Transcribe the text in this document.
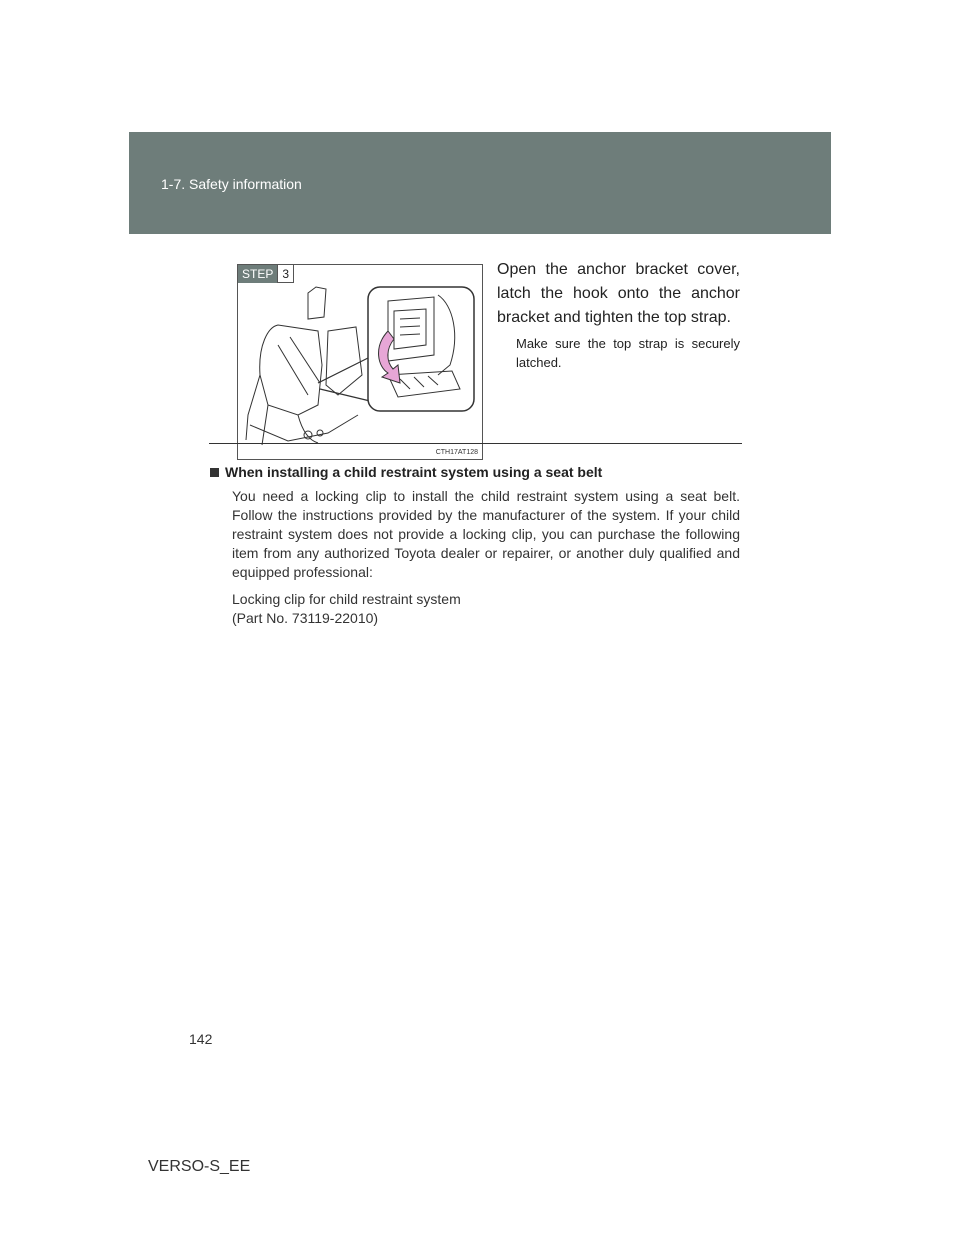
1-7. Safety information
STEP 3
CTH17AT128
Open the anchor bracket cover, latch the hook onto the anchor bracket and tighten the top strap.
Make sure the top strap is securely latched.
When installing a child restraint system using a seat belt

You need a locking clip to install the child restraint system using a seat belt. Follow the instructions provided by the manufacturer of the system. If your child restraint system does not provide a locking clip, you can purchase the following item from any authorized Toyota dealer or repairer, or another duly qualified and equipped professional:

Locking clip for child restraint system
(Part No. 73119-22010)
142
VERSO-S_EE
